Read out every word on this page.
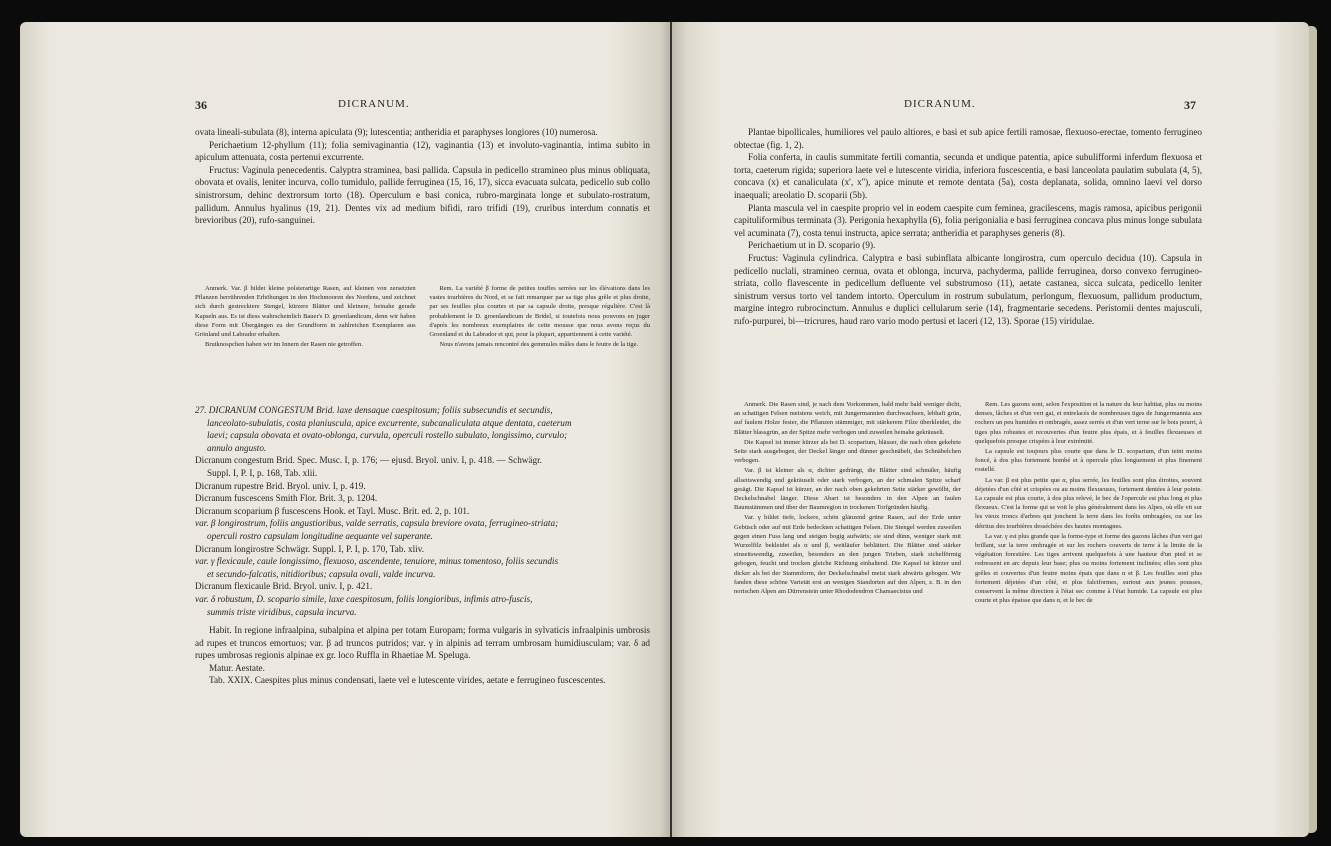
36	DICRANUM.

ovata lineali-subulata (8), interna apiculata (9); lutescentia; antheridia et paraphyses longiores (10) numerosa.

Perichaetium 12-phyllum (11); folia semivaginantia (12), vaginantia (13) et involuto-vaginantia, intima subito in apiculum attenuata, costa pertenui excurrente.

Fructus: Vaginula penecedentis. Calyptra straminea, basi pallida. Capsula in pedicello stramineo plus minus obliquata, obovata et ovalis, leniter incurva, collo tumidulo, pallide ferruginea (15, 16, 17), sicca evacuata sulcata, pedicello sub collo sinistrorsum, dehinc dextrorsum torto (18). Operculum e basi conica, rubro-marginata longe et subulato-rostratum, pallidum. Annulus hyalinus (19, 21). Dentes vix ad medium bifidi, raro trifidi (19), cruribus interdum connatis et brevioribus (20), rufo-sanguinei.

Anmerk. Var. β bildet kleine polsterartige Rasen, auf kleinen von zersetzten Pflanzen herrührenden Erhöhungen in den Hochmooren des Nordens, und zeichnet sich durch gestrecktere Stengel, kürzere Blätter und kleinere, beinahe gerade Kapseln aus. Es ist diess wahrscheinlich Bauer's D. groenlandicum, denn wir haben diese Form mit Übergängen zu der Grundform in zahlreichen Exemplaren aus Grönland und Labrador erhalten.

Brutknospchen haben wir im Innern der Rasen nie getroffen.

Rem. La variété β forme de petites touffes serrées sur les élévations dans les vastes tourbières du Nord, et se fait remarquer par sa tige plus grêle et plus droite, par ses feuilles plus courtes et par sa capsule droite, presque régulière. C'est là probablement le D. groenlandicum de Bridel, si toutefois nous pouvons en juger d'après les nombreux exemplaires de cette mousse que nous avons reçus du Groenland et du Labrador et qui, pour la plupart, appartiennent à cette variété.

Nous n'avons jamais rencontré des gemmules mâles dans le feutre de la tige.

27. DICRANUM CONGESTUM Brid. laxe densaque caespitosum; foliis subsecundis et secundis,
lanceolato-subulatis, costa planiuscula, apice excurrente, subcanaliculata atque dentata, caeterum
laevi; capsula obovata et ovato-oblonga, curvula, operculi rostello subulato, longissimo, curvulo;
annulo angusto.
Dicranum congestum Brid. Spec. Musc. I, p. 176; — ejusd. Bryol. univ. I, p. 418. — Schwägr.
Suppl. I, P. I, p. 168, Tab. xlii.
Dicranum rupestre Brid. Bryol. univ. I, p. 419.
Dicranum fuscescens Smith Flor. Brit. 3, p. 1204.
Dicranum scoparium β fuscescens Hook. et Tayl. Musc. Brit. ed. 2, p. 101.
var. β longirostrum, foliis angustioribus, valde serratis, capsula breviore ovata, ferrugineo-striata;
operculi rostro capsulam longitudine aequante vel superante.
Dicranum longirostre Schwägr. Suppl. I, P. I, p. 170, Tab. xliv.
var. γ flexicaule, caule longissimo, flexuoso, ascendente, tenuiore, minus tomentoso, foliis secundis
et secundo-falcatis, nitidioribus; capsula ovali, valde incurva.
Dicranum flexicaule Brid. Bryol. univ. I, p. 421.
var. δ robustum, D. scopario simile, laxe caespitosum, foliis longioribus, infimis atro-fuscis,
summis triste viridibus, capsula incurva.

Habit. In regione infraalpina, subalpina et alpina per totam Europam; forma vulgaris in sylvaticis infraalpinis umbrosis ad rupes et truncos emortuos; var. β ad truncos putridos; var. γ in alpinis ad terram umbrosam humidiusculam; var. δ ad rupes umbrosas regionis alpinae ex gr. loco Ruffla in Rhaetiae M. Speluga.

Matur. Aestate.

Tab. XXIX. Caespites plus minus condensati, laete vel e lutescente virides, aetate e ferrugineo fuscescentes.

DICRANUM.	37

Plantae bipollicales, humiliores vel paulo altiores, e basi et sub apice fertili ramosae, flexuoso-erectae, tomento ferrugineo obtectae (fig. 1, 2).

Folia conferta, in caulis summitate fertili comantia, secunda et undique patentia, apice subulifformi inferdum flexuosa et torta, caeterum rigida; superiora laete vel e lutescente viridia, inferiora fuscescentia, e basi lanceolata paulatim subulata (4, 5), concava (x) et canaliculata (x', x''), apice minute et remote dentata (5a), costa deplanata, solida, omnino laevi vel dorso inaequali; areolatio D. scoparii (5b).

Planta mascula vel in caespite proprio vel in eodem caespite cum feminea, gracilescens, magis ramosa, apicibus perigonii capituliformibus terminata (3). Perigonia hexaphylla (6), folia perigonialia e basi ferruginea concava plus minus longe subulata vel acuminata (7), costa tenui instructa, apice serrata; antheridia et paraphyses generis (8).

Perichaetium ut in D. scopario (9).

Fructus: Vaginula cylindrica. Calyptra e basi subinflata albicante longirostra, cum operculo decidua (10). Capsula in pedicello nuclali, stramineo cernua, ovata et oblonga, incurva, pachyderma, pallide ferruginea, dorso convexo ferrugineo-striata, collo flavescente in pedicellum defluente vel substrumoso (11), aetate castanea, sicca sulcata, pedicello leniter sinistrum versus torto vel tandem intorto. Operculum in rostrum subulatum, perlongum, flexuosum, pallidum productum, margine integro rubrocinctum. Annulus e duplici cellularum serie (14), fragmentarie secedens. Peristomii dentes majusculi, rufo-purpurei, bi—tricrures, haud raro vario modo pertusi et laceri (12, 13). Sporae (15) viridulae.

Anmerk. Die Rasen sind, je nach dem Vorkommen, bald mehr bald weniger dicht, an schattigen Felsen meistens weich, mit Jungermannien durchwachsen, lebhaft grün, auf faulem Holze fester, die Pflanzen stämmiger, mit stärkerem Filze überkleidet, die Blätter blassgrün, an der Spitze mehr verbogen und zuweilen beinahe gekräuselt.

Die Kapsel ist immer kürzer als bei D. scoparium, blässer, die nach oben gekehrte Seite stark ausgebogen, der Deckel länger und dünner geschnäbelt, das Schnäbelchen verbogen.

Var. β ist kleiner als α, dichter gedrängt, die Blätter sind schmäler, häufig allseitswendig und gekräuselt oder stark verbogen, an der schmalen Spitze scharf gesägt. Die Kapsel ist kürzer, an der nach oben gekehrten Seite stärker gewölbt, der Deckelschnabel länger. Diese Abart ist besonders in den Alpen an faulen Baumstämmen und über der Baumregion in trockenen Torfgründen häufig.

Var. γ bildet tiefe, lockere, schön glänzend grüne Rasen, auf der Erde unter Gebüsch oder auf mit Erde bedeckten schattigen Felsen. Die Stengel werden zuweilen gegen einen Fuss lang und steigen bogig aufwärts; sie sind dünn, weniger stark mit Wurzelfilz bekleidet als α und β, weitläufer beblättert. Die Blätter sind stärker einseitswendig, zuweilen, besonders an den jungen Trieben, stark sichelförmig gebogen, feucht und trocken gleiche Richtung einhaltend. Die Kapsel ist kürzer und dicker als bei der Stammform, der Deckelschnabel meist stark abwärts gebogen. Wir fanden diese schöne Varietät erst an wenigen Standorten auf den Alpen, z. B. in den norischen Alpen am Dürrenstein unter Rhododendron Chamaecistus und

Rem. Les gazons sont, selon l'exposition et la nature du leur habitat, plus ou moins denses, lâches et d'un vert gai, et entrelacés de nombreuses tiges de Jungermannia aux rochers un peu humides et ombragés, assez serrés et d'un vert terne sur le bois pourri, à tiges plus robustes et recouvertes d'un feutre plus épais, et à feuilles flexueuses et quelquefois presque crispées à leur extrémité.

La capsule est toujours plus courte que dans le D. scoparium, d'un teint moins foncé, à dos plus fortement bombé et à opercule plus longuement et plus finement rostellé.

La var. β est plus petite que α, plus serrée, les feuilles sont plus étroites, souvent déjetées d'un côté et crispées ou au moins flexueuses, fortement dentées à leur pointe. La capsule est plus courte, à dos plus relevé, le bec de l'opercule est plus long et plus flexueux. C'est la forme qui se voit le plus généralement dans les Alpes, où elle vit sur les vieux troncs d'arbres qui jonchent la terre dans les forêts ombragées, ou sur les détritus des tourbières desséchées des hautes montagnes.

La var. γ est plus grande que la forme-type et forme des gazons lâches d'un vert gai brillant, sur la terre ombragée et sur les rochers couverts de terre à la limite de la végétation forestière. Les tiges arrivent quelquefois à une hauteur d'un pied et se redressent en arc depuis leur base; plus ou moins fortement inclinées; elles sont plus grêles et couvertes d'un feutre moins épais que dans α et β. Les feuilles sont plus fortement déjetées d'un côté, et plus falciformes, surtout aux jeunes pousses, conservent la même direction à l'état sec comme à l'état humide. La capsule est plus courte et plus épaisse que dans α, et le bec de
